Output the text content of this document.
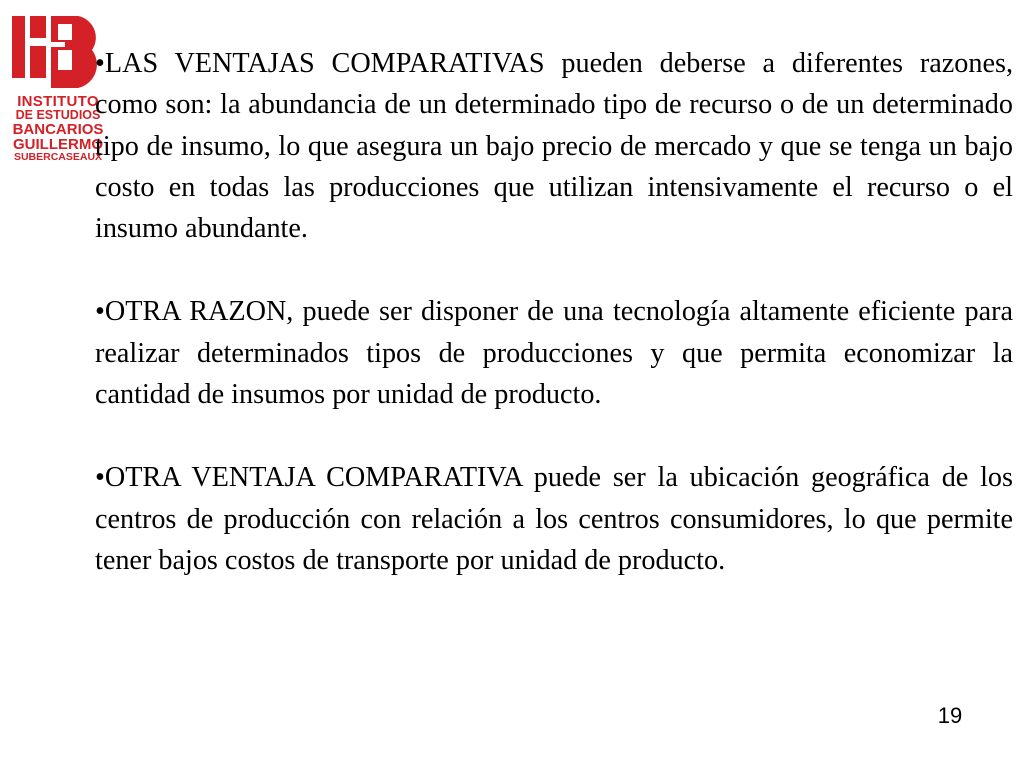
INSTITUTO
DE ESTUDIOS
BANCARIOS
GUILLERMO
SUBERCASEAUX

•LAS VENTAJAS COMPARATIVAS pueden deberse a diferentes razones, como son: la abundancia de un determinado tipo de recurso o de un determinado tipo de insumo, lo que asegura un bajo precio de mercado y que se tenga un bajo costo en todas las producciones que utilizan intensivamente el recurso o el insumo abundante.

•OTRA RAZON, puede ser disponer de una tecnología altamente eficiente para realizar determinados tipos de producciones y que permita economizar la cantidad de insumos por unidad de producto.

•OTRA VENTAJA COMPARATIVA puede ser la ubicación geográfica de los centros de producción con relación a los centros consumidores, lo que permite tener bajos costos de transporte por unidad de producto.

19
